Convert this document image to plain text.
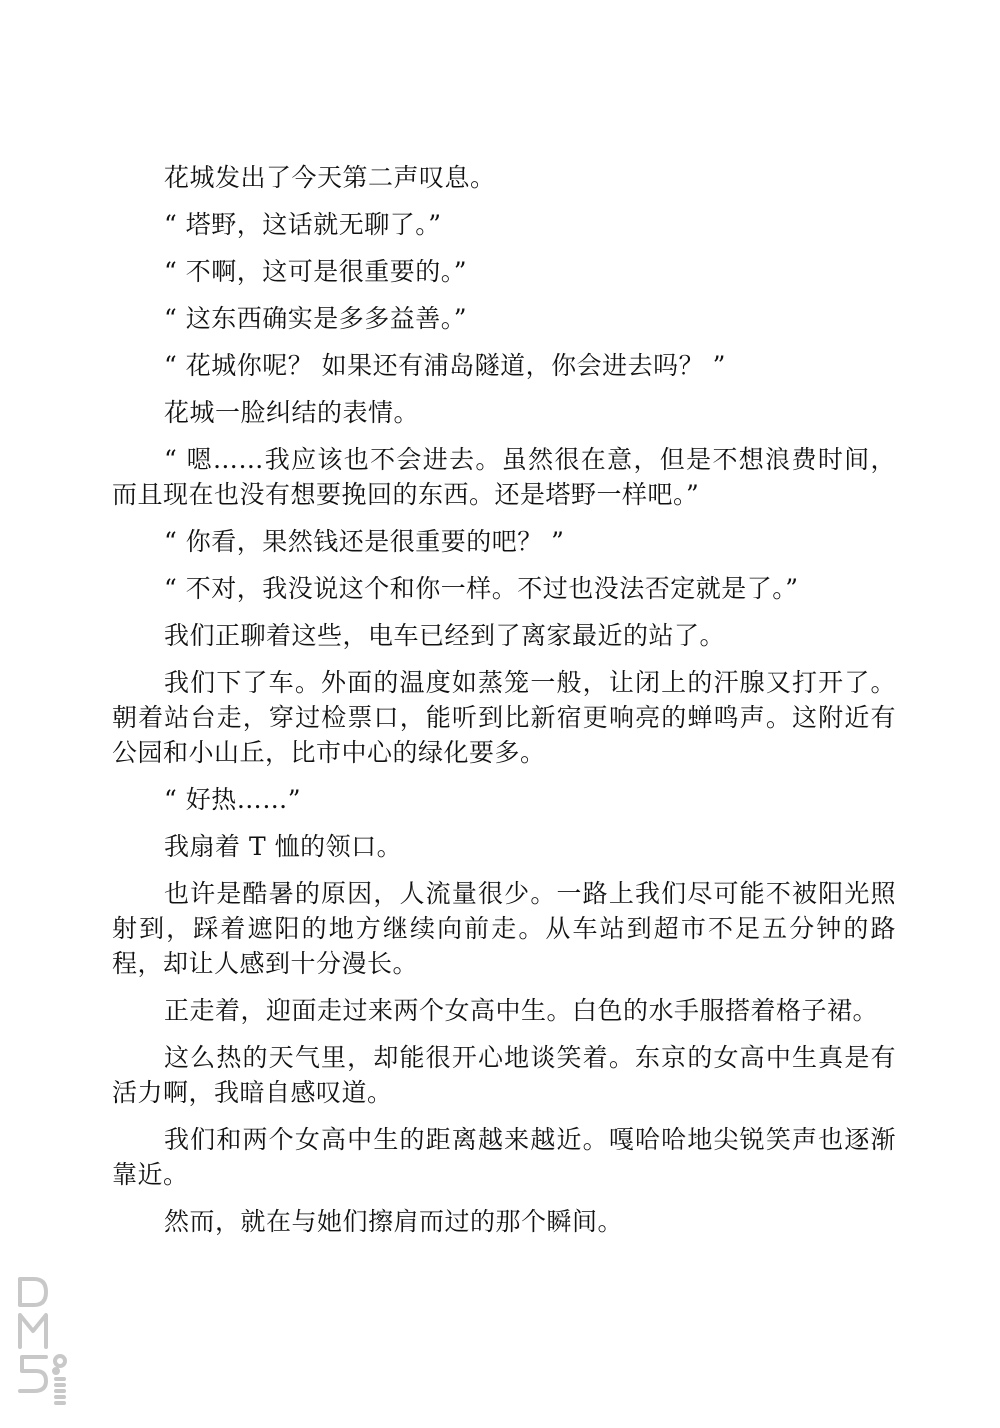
花城发出了今天第二声叹息。

“ 塔野，这话就无聊了。”

“ 不啊，这可是很重要的。”

“ 这东西确实是多多益善。”

“ 花城你呢？ 如果还有浦岛隧道，你会进去吗？ ”

花城一脸纠结的表情。

“ 嗯……我应该也不会进去。虽然很在意，但是不想浪费时间，而且现在也没有想要挽回的东西。还是塔野一样吧。”

“ 你看，果然钱还是很重要的吧？ ”

“ 不对，我没说这个和你一样。不过也没法否定就是了。”

我们正聊着这些，电车已经到了离家最近的站了。

我们下了车。外面的温度如蒸笼一般，让闭上的汗腺又打开了。朝着站台走，穿过检票口，能听到比新宿更响亮的蝉鸣声。这附近有公园和小山丘，比市中心的绿化要多。

“ 好热……”

我扇着 T 恤的领口。

也许是酷暑的原因，人流量很少。一路上我们尽可能不被阳光照射到，踩着遮阳的地方继续向前走。从车站到超市不足五分钟的路程，却让人感到十分漫长。

正走着，迎面走过来两个女高中生。白色的水手服搭着格子裙。

这么热的天气里，却能很开心地谈笑着。东京的女高中生真是有活力啊，我暗自感叹道。

我们和两个女高中生的距离越来越近。嘎哈哈地尖锐笑声也逐渐靠近。

然而，就在与她们擦肩而过的那个瞬间。
